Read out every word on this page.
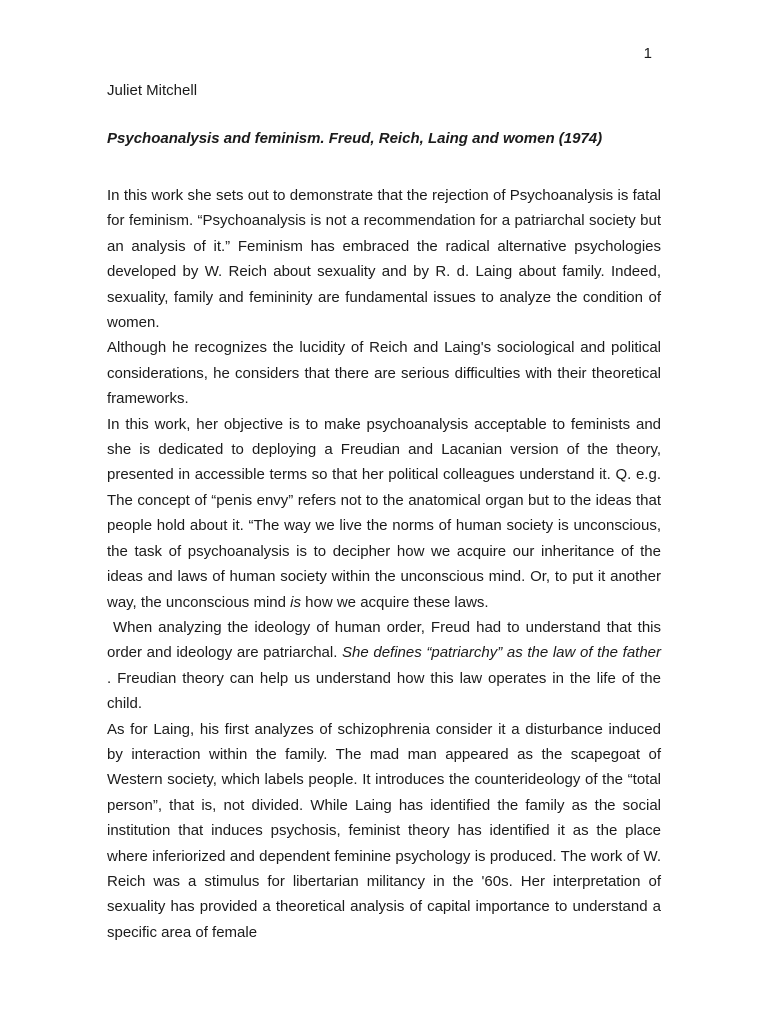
1
Juliet Mitchell
Psychoanalysis and feminism. Freud, Reich, Laing and women (1974)

In this work she sets out to demonstrate that the rejection of Psychoanalysis is fatal for feminism. “Psychoanalysis is not a recommendation for a patriarchal society but an analysis of it.” Feminism has embraced the radical alternative psychologies developed by W. Reich about sexuality and by R. d. Laing about family. Indeed, sexuality, family and femininity are fundamental issues to analyze the condition of women.

Although he recognizes the lucidity of Reich and Laing's sociological and political considerations, he considers that there are serious difficulties with their theoretical frameworks.

In this work, her objective is to make psychoanalysis acceptable to feminists and she is dedicated to deploying a Freudian and Lacanian version of the theory, presented in accessible terms so that her political colleagues understand it. Q. e.g. The concept of “penis envy” refers not to the anatomical organ but to the ideas that people hold about it. “The way we live the norms of human society is unconscious, the task of psychoanalysis is to decipher how we acquire our inheritance of the ideas and laws of human society within the unconscious mind. Or, to put it another way, the unconscious mind is how we acquire these laws.

When analyzing the ideology of human order, Freud had to understand that this order and ideology are patriarchal. She defines “patriarchy” as the law of the father . Freudian theory can help us understand how this law operates in the life of the child.

As for Laing, his first analyzes of schizophrenia consider it a disturbance induced by interaction within the family. The mad man appeared as the scapegoat of Western society, which labels people. It introduces the counterideology of the “total person”, that is, not divided. While Laing has identified the family as the social institution that induces psychosis, feminist theory has identified it as the place where inferiorized and dependent feminine psychology is produced. The work of W. Reich was a stimulus for libertarian militancy in the '60s. Her interpretation of sexuality has provided a theoretical analysis of capital importance to understand a specific area of female
